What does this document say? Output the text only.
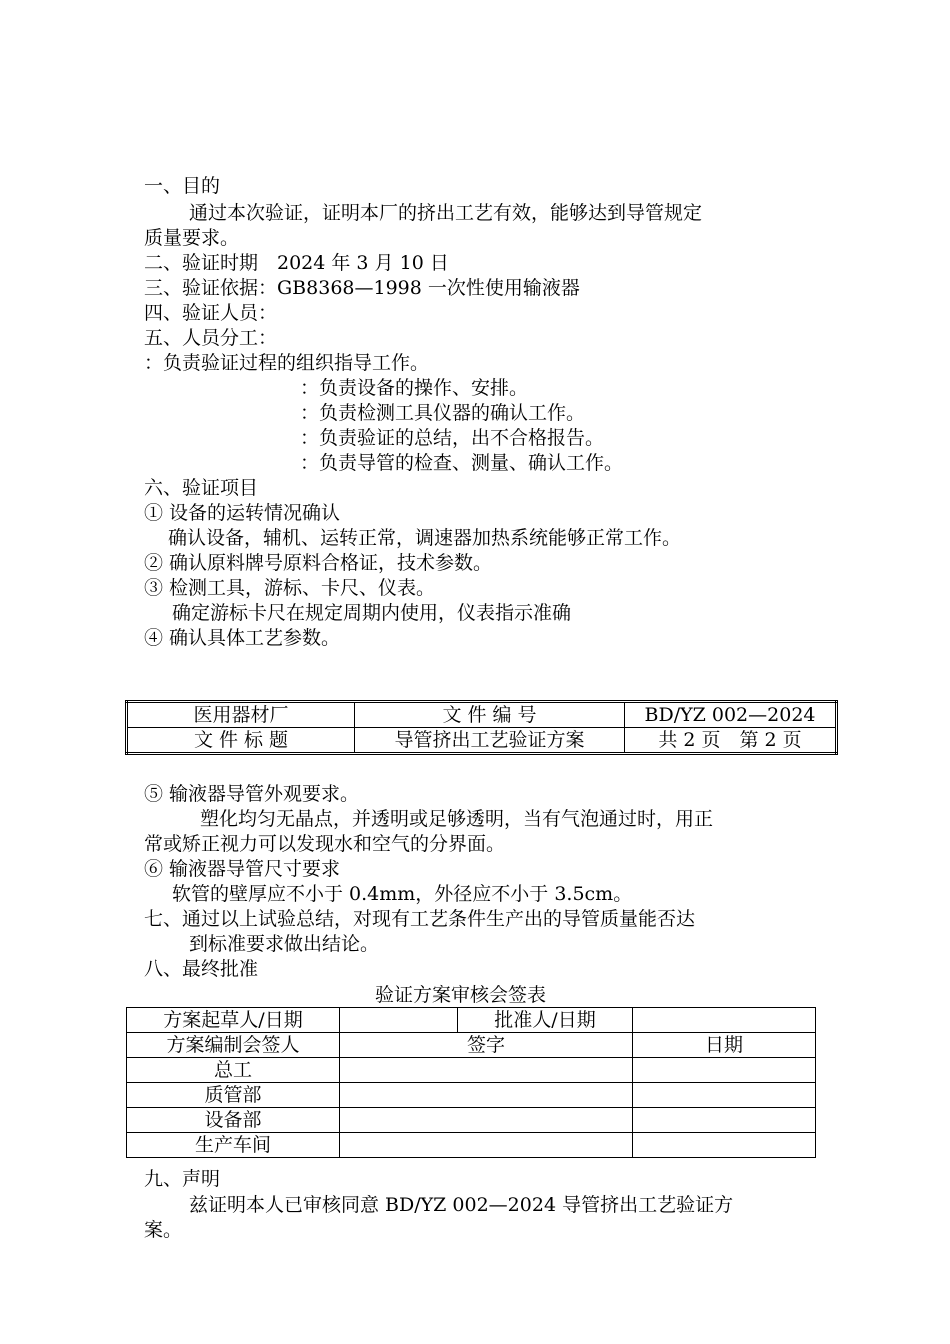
一、目的
通过本次验证，证明本厂的挤出工艺有效，能够达到导管规定
质量要求。
二、验证时期　2024 年 3 月 10 日
三、验证依据：GB8368—1998 一次性使用输液器
四、验证人员：
五、人员分工：
：负责验证过程的组织指导工作。
：负责设备的操作、安排。
：负责检测工具仪器的确认工作。
：负责验证的总结，出不合格报告。
：负责导管的检查、测量、确认工作。
六、验证项目
① 设备的运转情况确认
确认设备，辅机、运转正常，调速器加热系统能够正常工作。
② 确认原料牌号原料合格证，技术参数。
③ 检测工具，游标、卡尺、仪表。
确定游标卡尺在规定周期内使用，仪表指示准确
④ 确认具体工艺参数。
医用器材厂	文 件 编 号	BD/YZ 002—2024
文 件 标 题	导管挤出工艺验证方案	共 2 页　第 2 页
⑤ 输液器导管外观要求。
塑化均匀无晶点，并透明或足够透明，当有气泡通过时，用正
常或矫正视力可以发现水和空气的分界面。
⑥ 输液器导管尺寸要求
软管的壁厚应不小于 0.4mm，外径应不小于 3.5cm。
七、通过以上试验总结，对现有工艺条件生产出的导管质量能否达
到标准要求做出结论。
八、最终批准
验证方案审核会签表
方案起草人/日期		批准人/日期	
方案编制会签人	签字		日期
总工			
质管部			
设备部			
生产车间			
九、声明
兹证明本人已审核同意 BD/YZ 002—2024 导管挤出工艺验证方
案。
